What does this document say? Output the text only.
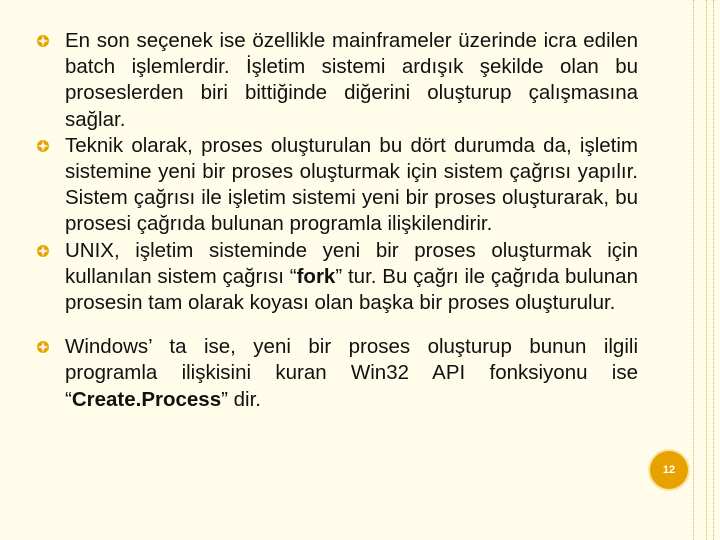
En son seçenek ise özellikle mainframeler üzerinde icra edilen batch işlemlerdir. İşletim sistemi ardışık şekilde olan bu proseslerden biri bittiğinde diğerini oluşturup çalışmasına sağlar.
Teknik olarak, proses oluşturulan bu dört durumda da, işletim sistemine yeni bir proses oluşturmak için sistem çağrısı yapılır. Sistem çağrısı ile işletim sistemi yeni bir proses oluşturarak, bu prosesi çağrıda bulunan programla ilişkilendirir.
UNIX, işletim sisteminde yeni bir proses oluşturmak için kullanılan sistem çağrısı “fork” tur. Bu çağrı ile çağrıda bulunan prosesin tam olarak koyası olan başka bir proses oluşturulur.
Windows’ ta ise, yeni bir proses oluşturup bunun ilgili programla ilişkisini kuran Win32 API fonksiyonu ise “Create.Process” dir.
12
